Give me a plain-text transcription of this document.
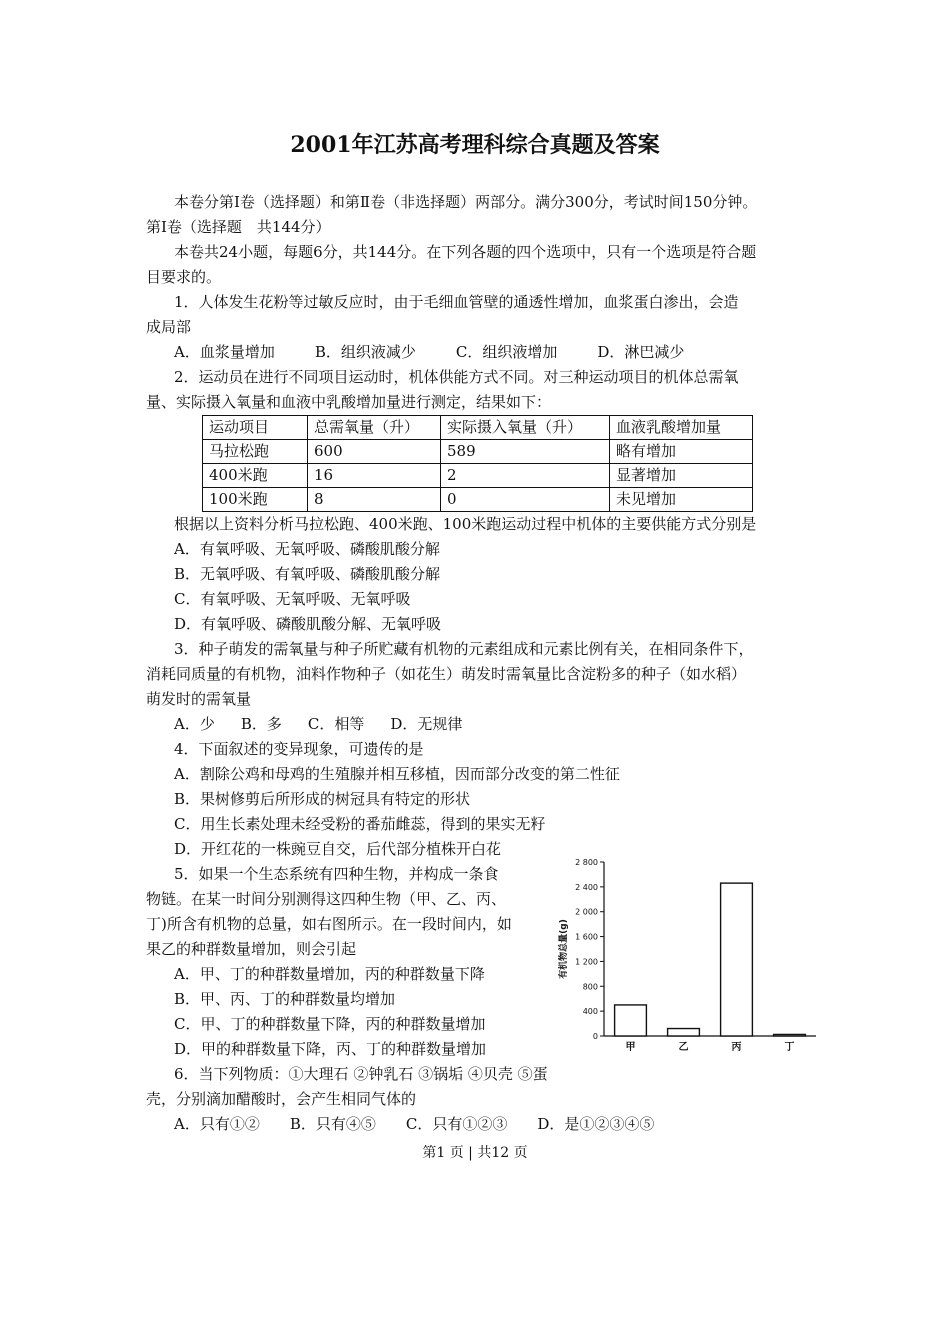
2001年江苏高考理科综合真题及答案

本卷分第Ⅰ卷（选择题）和第Ⅱ卷（非选择题）两部分。满分300分，考试时间150分钟。

第Ⅰ卷（选择题　共144分）

本卷共24小题，每题6分，共144分。在下列各题的四个选项中，只有一个选项是符合题

目要求的。

1．人体发生花粉等过敏反应时，由于毛细血管壁的通透性增加，血浆蛋白渗出，会造

成局部

A．血浆量增加	B．组织液减少	C．组织液增加	D．淋巴减少

2．运动员在进行不同项目运动时，机体供能方式不同。对三种运动项目的机体总需氧

量、实际摄入氧量和血液中乳酸增加量进行测定，结果如下：

运动项目	总需氧量（升）	实际摄入氧量（升）	血液乳酸增加量
马拉松跑	600	589	略有增加
400米跑	16	2	显著增加
100米跑	8	0	未见增加

根据以上资料分析马拉松跑、400米跑、100米跑运动过程中机体的主要供能方式分别是

A．有氧呼吸、无氧呼吸、磷酸肌酸分解

B．无氧呼吸、有氧呼吸、磷酸肌酸分解

C．有氧呼吸、无氧呼吸、无氧呼吸

D．有氧呼吸、磷酸肌酸分解、无氧呼吸

3．种子萌发的需氧量与种子所贮藏有机物的元素组成和元素比例有关，在相同条件下，

消耗同质量的有机物，油料作物种子（如花生）萌发时需氧量比含淀粉多的种子（如水稻）

萌发时的需氧量

A．少 B．多 C．相等 D．无规律

4．下面叙述的变异现象，可遗传的是

A．割除公鸡和母鸡的生殖腺并相互移植，因而部分改变的第二性征

B．果树修剪后所形成的树冠具有特定的形状

C．用生长素处理未经受粉的番茄雌蕊，得到的果实无籽

D．开红花的一株豌豆自交，后代部分植株开白花

5．如果一个生态系统有四种生物，并构成一条食

物链。在某一时间分别测得这四种生物（甲、乙、丙、

丁)所含有机物的总量，如右图所示。在一段时间内，如

果乙的种群数量增加，则会引起

A．甲、丁的种群数量增加，丙的种群数量下降

B．甲、丙、丁的种群数量均增加

C．甲、丁的种群数量下降，丙的种群数量增加

D．甲的种群数量下降，丙、丁的种群数量增加

6．当下列物质：①大理石 ②钟乳石 ③锅垢 ④贝壳 ⑤蛋

壳，分别滴加醋酸时，会产生相同气体的

A．只有①② B．只有④⑤ C．只有①②③ D．是①②③④⑤

0
400
800
1 200
1 600
2 000
2 400
2 800
有机物总量(g)
甲	乙	丙	丁
第1 页 | 共12 页
